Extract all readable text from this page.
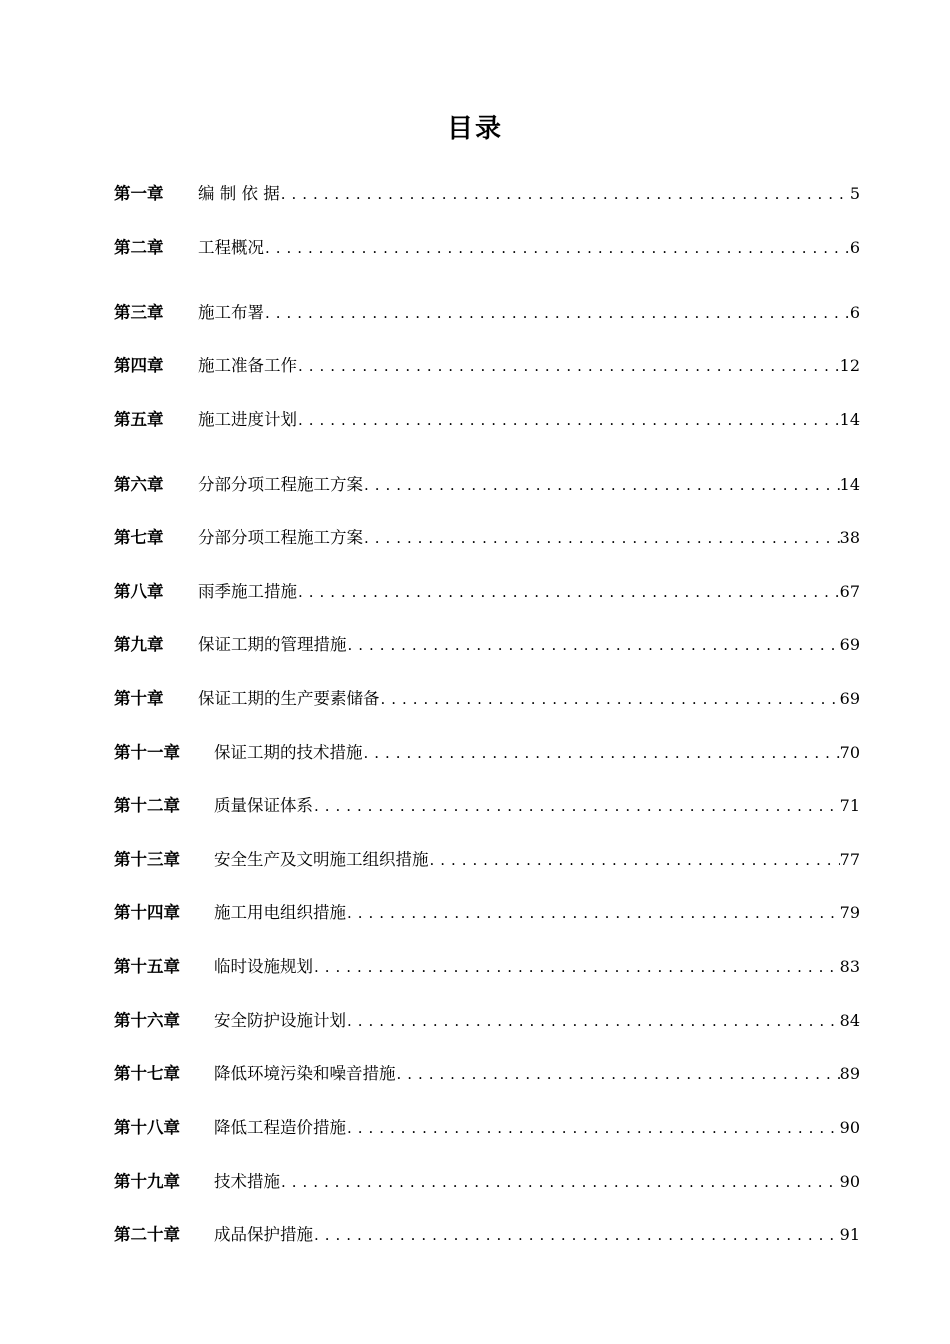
目录
第一章	编 制 依 据 . . .	5
第二章	工程概况 . . .	6
第三章	施工布署 . . .	6
第四章	施工准备工作 . . .	12
第五章	施工进度计划 . . .	14
第六章	分部分项工程施工方案 . . .	14
第七章	分部分项工程施工方案 . . .	38
第八章	雨季施工措施 . . .	67
第九章	保证工期的管理措施 . . .	69
第十章	保证工期的生产要素储备 . . .	69
第十一章	保证工期的技术措施 . . .	70
第十二章	质量保证体系 . . .	71
第十三章	安全生产及文明施工组织措施 . . .	77
第十四章	施工用电组织措施 . . .	79
第十五章	临时设施规划 . . .	83
第十六章	安全防护设施计划 . . .	84
第十七章	降低环境污染和噪音措施 . . .	89
第十八章	降低工程造价措施 . . .	90
第十九章	技术措施 . . .	90
第二十章	成品保护措施 . . .	91
